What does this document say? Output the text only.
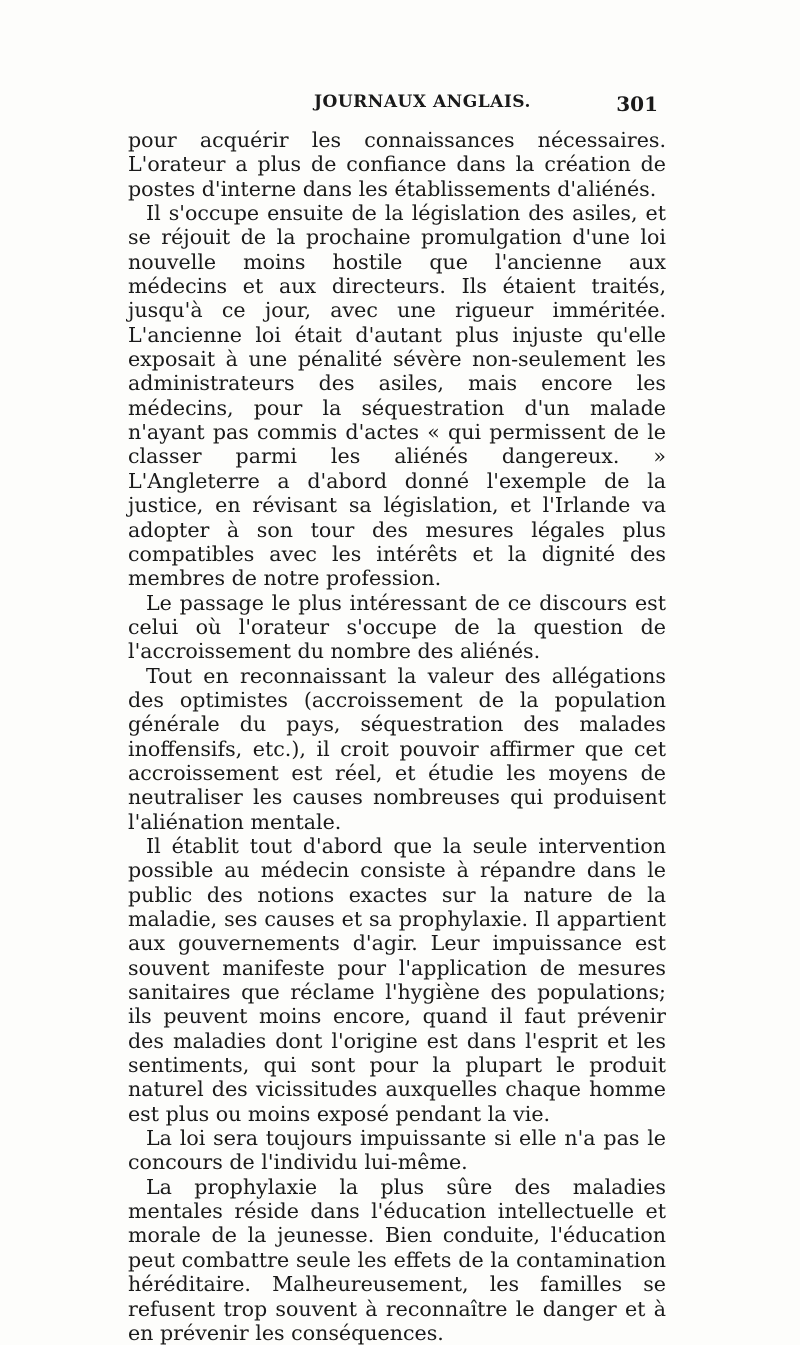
JOURNAUX ANGLAIS.	301

pour acquérir les connaissances nécessaires. L'orateur a plus de confiance dans la création de postes d'interne dans les établissements d'aliénés.

Il s'occupe ensuite de la législation des asiles, et se réjouit de la prochaine promulgation d'une loi nouvelle moins hostile que l'ancienne aux médecins et aux directeurs. Ils étaient traités, jusqu'à ce jour, avec une rigueur imméritée. L'ancienne loi était d'autant plus injuste qu'elle exposait à une pénalité sévère non-seulement les administrateurs des asiles, mais encore les médecins, pour la séquestration d'un malade n'ayant pas commis d'actes « qui permissent de le classer parmi les aliénés dangereux. » L'Angleterre a d'abord donné l'exemple de la justice, en révisant sa législation, et l'Irlande va adopter à son tour des mesures légales plus compatibles avec les intérêts et la dignité des membres de notre profession.

Le passage le plus intéressant de ce discours est celui où l'orateur s'occupe de la question de l'accroissement du nombre des aliénés.

Tout en reconnaissant la valeur des allégations des optimistes (accroissement de la population générale du pays, séquestration des malades inoffensifs, etc.), il croit pouvoir affirmer que cet accroissement est réel, et étudie les moyens de neutraliser les causes nombreuses qui produisent l'aliénation mentale.

Il établit tout d'abord que la seule intervention possible au médecin consiste à répandre dans le public des notions exactes sur la nature de la maladie, ses causes et sa prophylaxie. Il appartient aux gouvernements d'agir. Leur impuissance est souvent manifeste pour l'application de mesures sanitaires que réclame l'hygiène des populations; ils peuvent moins encore, quand il faut prévenir des maladies dont l'origine est dans l'esprit et les sentiments, qui sont pour la plupart le produit naturel des vicissitudes auxquelles chaque homme est plus ou moins exposé pendant la vie.

La loi sera toujours impuissante si elle n'a pas le concours de l'individu lui-même.

La prophylaxie la plus sûre des maladies mentales réside dans l'éducation intellectuelle et morale de la jeunesse. Bien conduite, l'éducation peut combattre seule les effets de la contamination héréditaire. Malheureusement, les familles se refusent trop souvent à reconnaître le danger et à en prévenir les conséquences.
